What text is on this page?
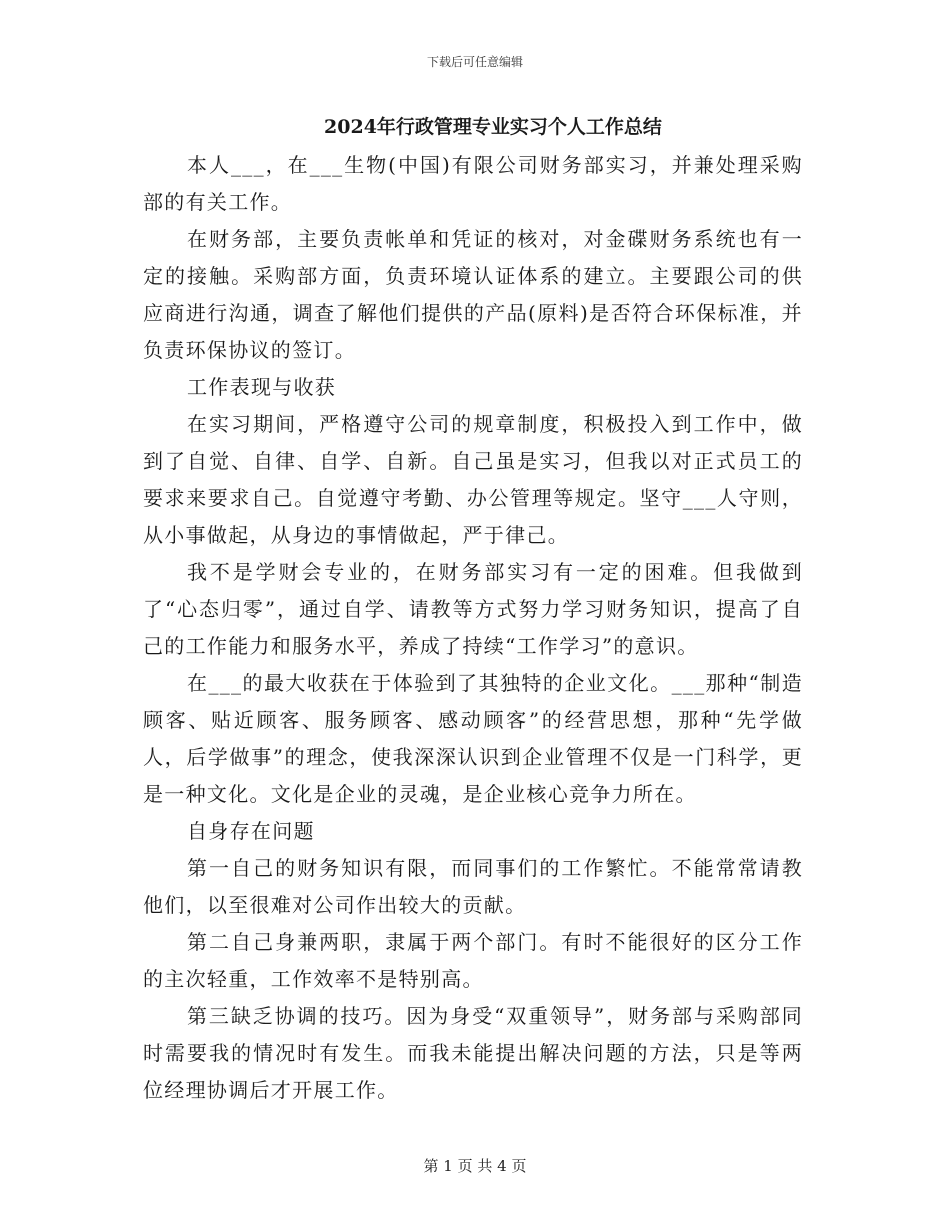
下载后可任意编辑
2024年行政管理专业实习个人工作总结

本人___，在___生物(中国)有限公司财务部实习，并兼处理采购部的有关工作。

在财务部，主要负责帐单和凭证的核对，对金碟财务系统也有一定的接触。采购部方面，负责环境认证体系的建立。主要跟公司的供应商进行沟通，调查了解他们提供的产品(原料)是否符合环保标准，并负责环保协议的签订。

工作表现与收获

在实习期间，严格遵守公司的规章制度，积极投入到工作中，做到了自觉、自律、自学、自新。自己虽是实习，但我以对正式员工的要求来要求自己。自觉遵守考勤、办公管理等规定。坚守___人守则，从小事做起，从身边的事情做起，严于律己。

我不是学财会专业的，在财务部实习有一定的困难。但我做到了“心态归零”，通过自学、请教等方式努力学习财务知识，提高了自己的工作能力和服务水平，养成了持续“工作学习”的意识。

在___的最大收获在于体验到了其独特的企业文化。___那种“制造顾客、贴近顾客、服务顾客、感动顾客”的经营思想，那种“先学做人，后学做事”的理念，使我深深认识到企业管理不仅是一门科学，更是一种文化。文化是企业的灵魂，是企业核心竞争力所在。

自身存在问题

第一自己的财务知识有限，而同事们的工作繁忙。不能常常请教他们，以至很难对公司作出较大的贡献。

第二自己身兼两职，隶属于两个部门。有时不能很好的区分工作的主次轻重，工作效率不是特别高。

第三缺乏协调的技巧。因为身受“双重领导”，财务部与采购部同时需要我的情况时有发生。而我未能提出解决问题的方法，只是等两位经理协调后才开展工作。

第 1 页 共 4 页
